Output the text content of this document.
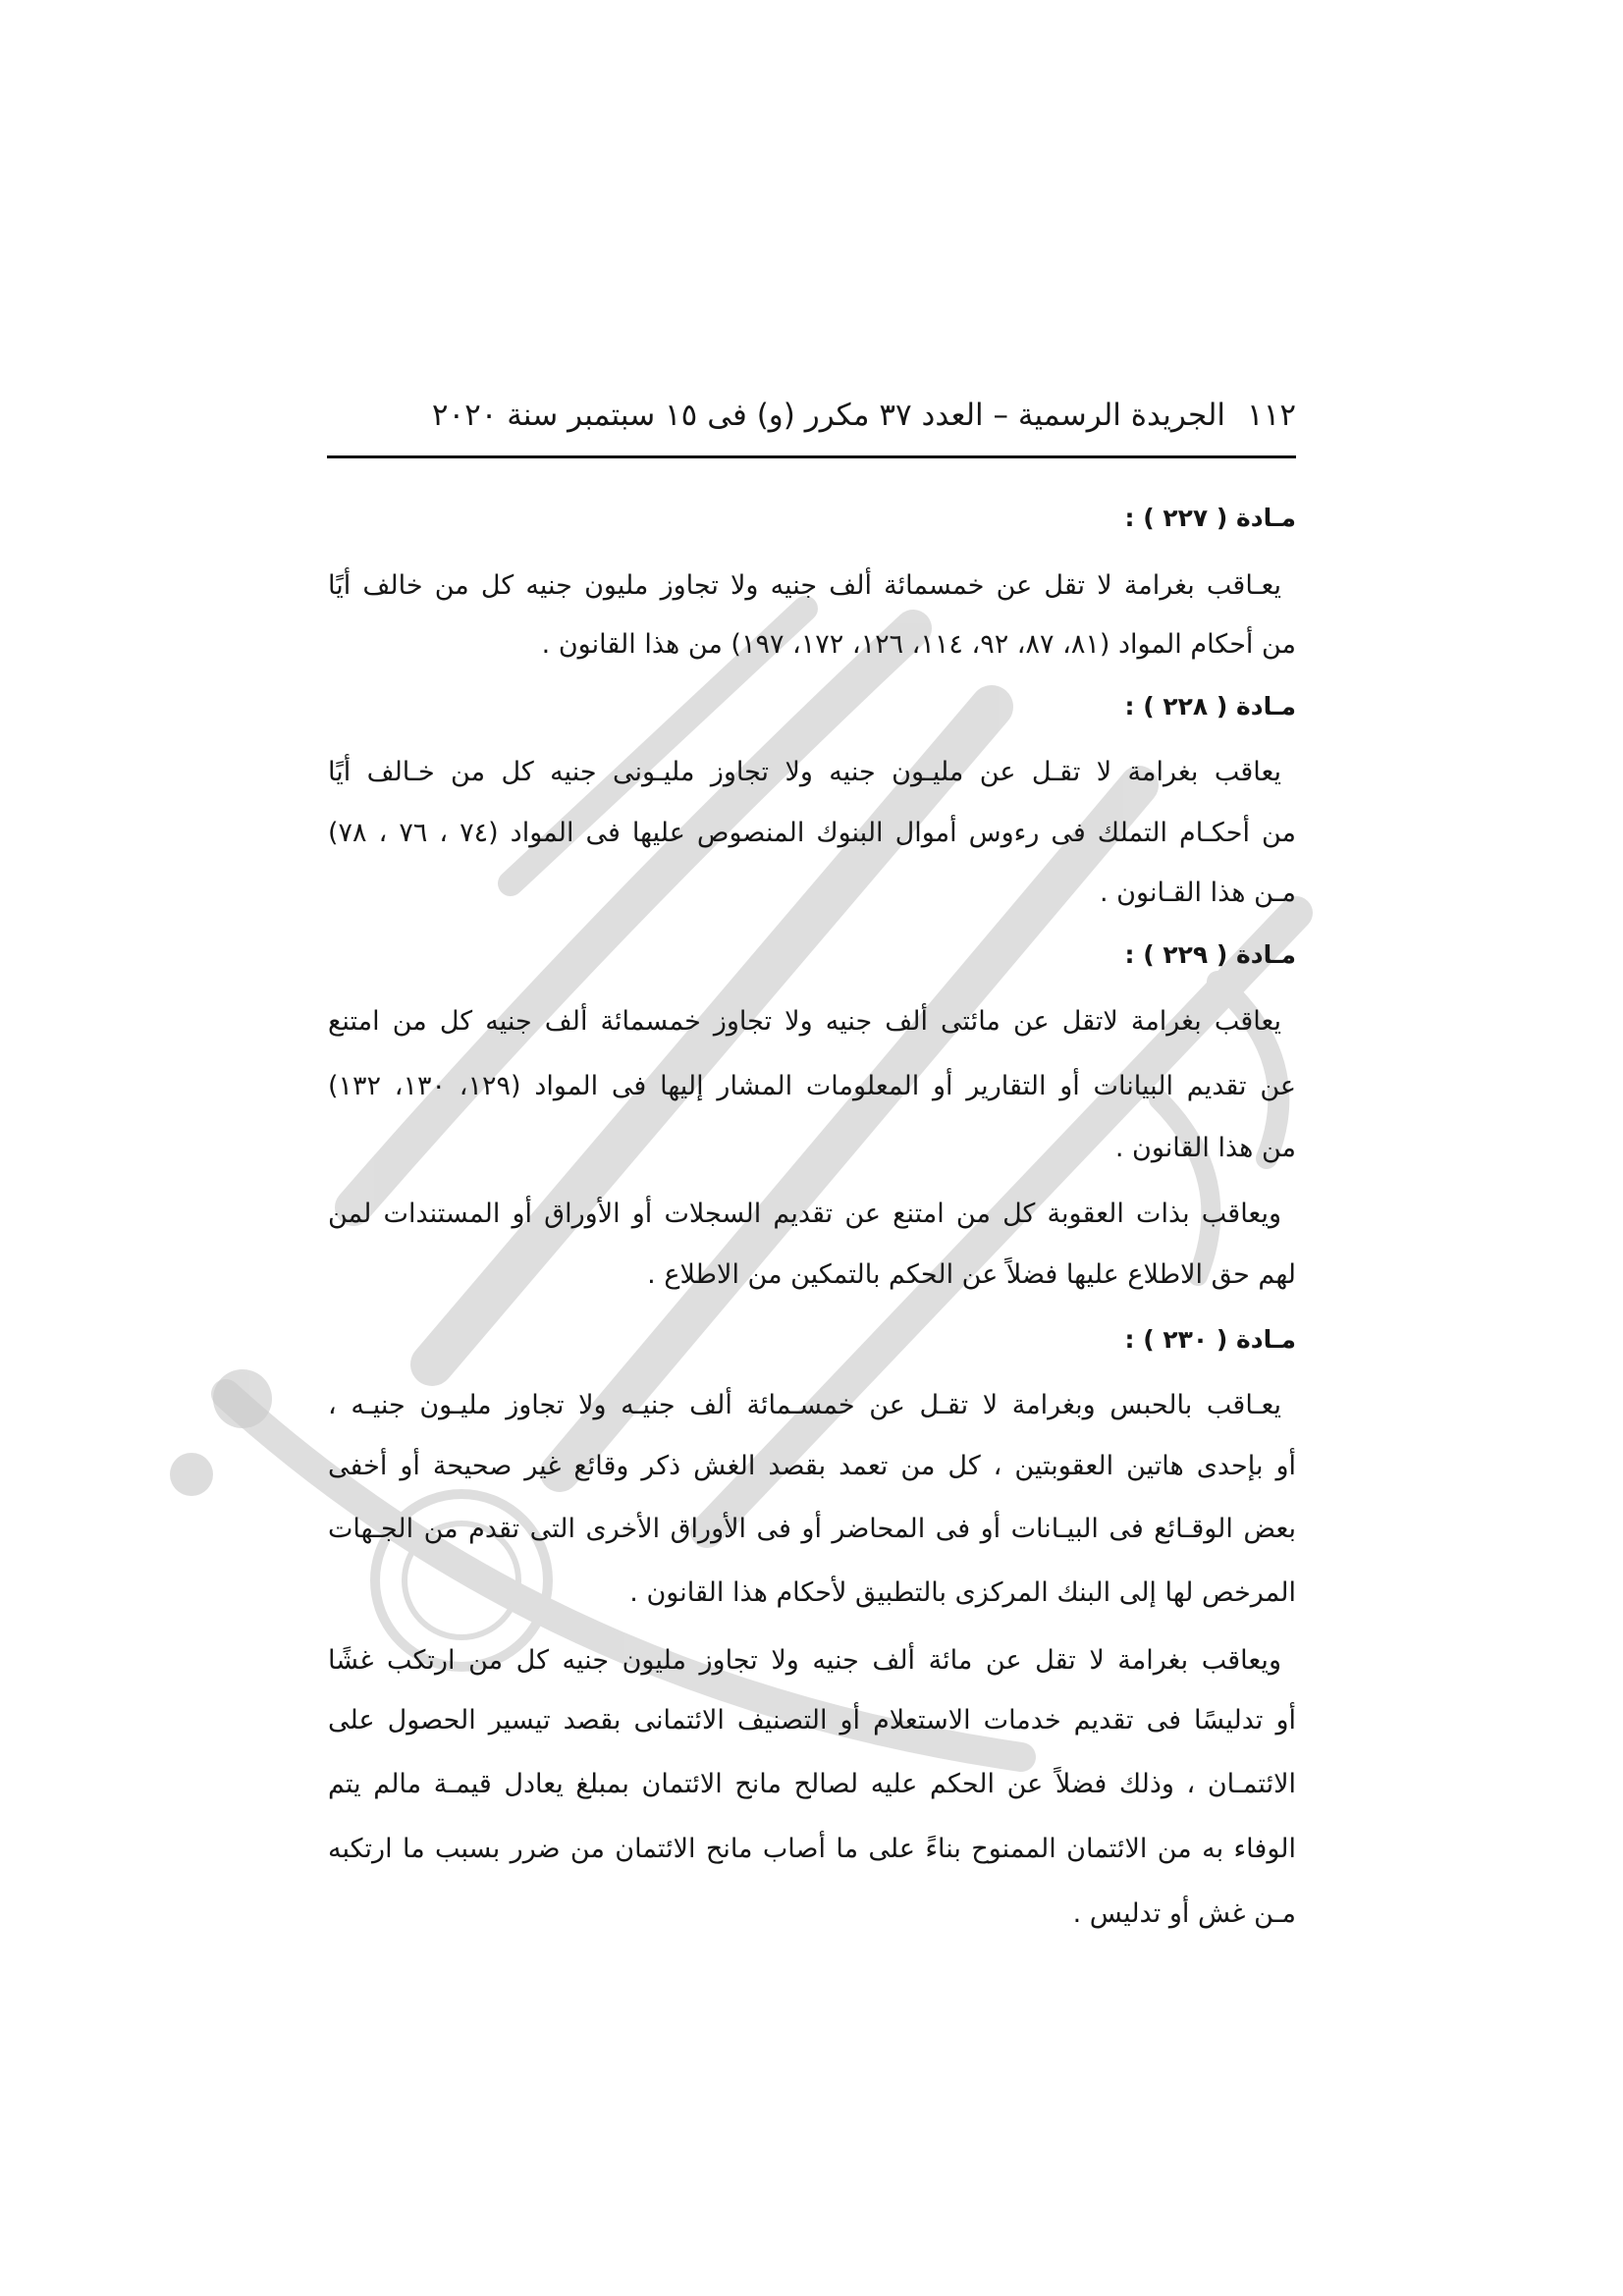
١١٢الجريدة الرسمية – العدد ٣٧ مكرر (و) فى ١٥ سبتمبر سنة ٢٠٢٠
مـادة ( ٢٢٧ ) :
يعـاقب بغرامة لا تقل عن خمسمائة ألف جنيه ولا تجاوز مليون جنيه كل من خالف أيًا
من أحكام المواد (٨١، ٨٧، ٩٢، ١١٤، ١٢٦، ١٧٢، ١٩٧) من هذا القانون .
مـادة ( ٢٢٨ ) :
يعاقب بغرامة لا تقـل عن مليـون جنيه ولا تجاوز مليـونى جنيه كل من خـالف أيًا
من أحكـام التملك فى رءوس أموال البنوك المنصوص عليها فى المواد (٧٤ ، ٧٦ ، ٧٨)
مـن هذا القـانون .
مـادة ( ٢٢٩ ) :
يعاقب بغرامة لاتقل عن مائتى ألف جنيه ولا تجاوز خمسمائة ألف جنيه كل من امتنع
عن تقديم البيانات أو التقارير أو المعلومات المشار إليها فى المواد (١٢٩، ١٣٠، ١٣٢)
من هذا القانون .
ويعاقب بذات العقوبة كل من امتنع عن تقديم السجلات أو الأوراق أو المستندات لمن
لهم حق الاطلاع عليها فضلاً عن الحكم بالتمكين من الاطلاع .
مـادة ( ٢٣٠ ) :
يعـاقب بالحبس وبغرامة لا تقـل عن خمسـمائة ألف جنيـه ولا تجاوز مليـون جنيـه ،
أو بإحدى هاتين العقوبتين ، كل من تعمد بقصد الغش ذكر وقائع غير صحيحة أو أخفى
بعض الوقـائع فى البيـانات أو فى المحاضر أو فى الأوراق الأخرى التى تقدم من الجـهات
المرخص لها إلى البنك المركزى بالتطبيق لأحكام هذا القانون .
ويعاقب بغرامة لا تقل عن مائة ألف جنيه ولا تجاوز مليون جنيه كل من ارتكب غشًا
أو تدليسًا فى تقديم خدمات الاستعلام أو التصنيف الائتمانى بقصد تيسير الحصول على
الائتمـان ، وذلك فضلاً عن الحكم عليه لصالح مانح الائتمان بمبلغ يعادل قيمـة مالم يتم
الوفاء به من الائتمان الممنوح بناءً على ما أصاب مانح الائتمان من ضرر بسبب ما ارتكبه
مـن غش أو تدليس .
